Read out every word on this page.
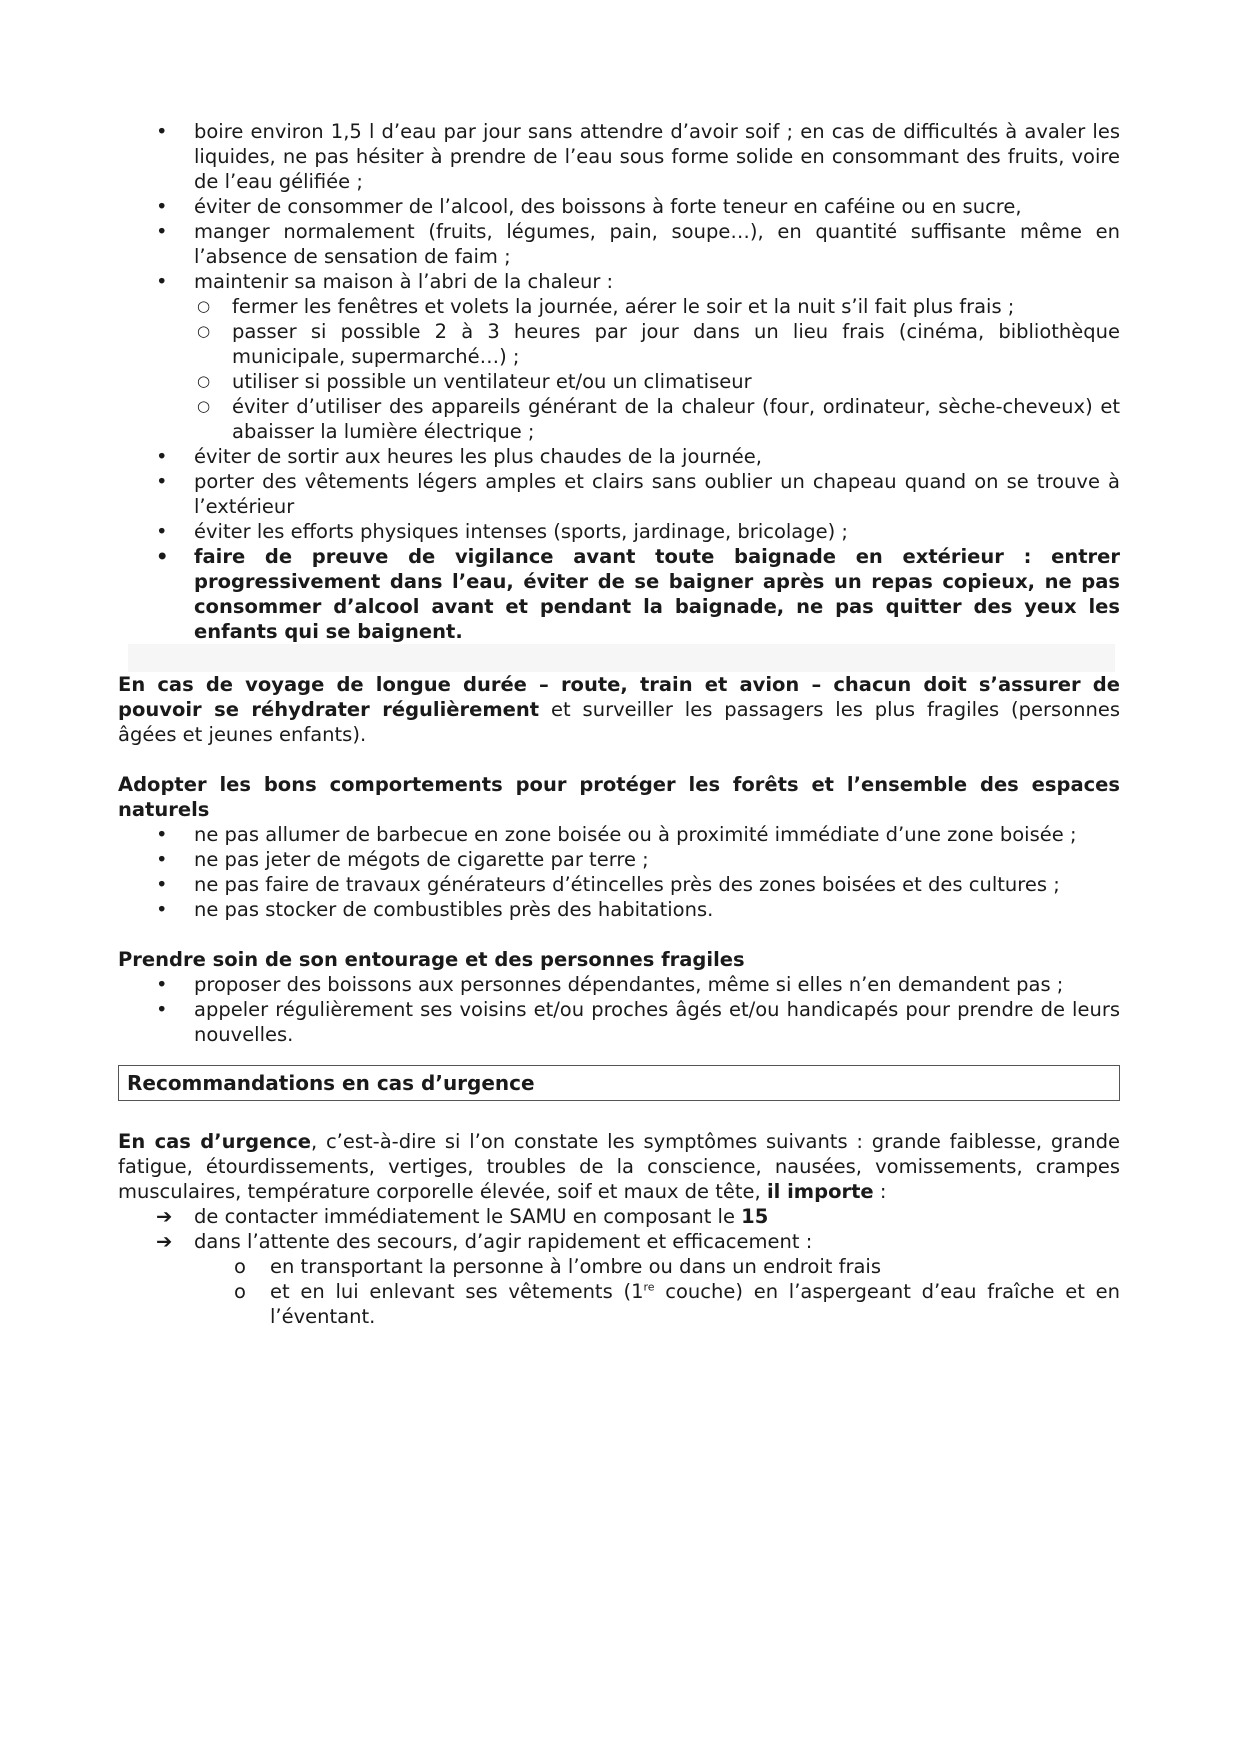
• boire environ 1,5 l d’eau par jour sans attendre d’avoir soif ; en cas de difficultés à avaler les liquides, ne pas hésiter à prendre de l’eau sous forme solide en consommant des fruits, voire de l’eau gélifiée ;
• éviter de consommer de l’alcool, des boissons à forte teneur en caféine ou en sucre,
• manger normalement (fruits, légumes, pain, soupe…), en quantité suffisante même en l’absence de sensation de faim ;
• maintenir sa maison à l’abri de la chaleur :
○ fermer les fenêtres et volets la journée, aérer le soir et la nuit s’il fait plus frais ;
○ passer si possible 2 à 3 heures par jour dans un lieu frais (cinéma, bibliothèque municipale, supermarché…) ;
○ utiliser si possible un ventilateur et/ou un climatiseur
○ éviter d’utiliser des appareils générant de la chaleur (four, ordinateur, sèche-cheveux) et abaisser la lumière électrique ;
• éviter de sortir aux heures les plus chaudes de la journée,
• porter des vêtements légers amples et clairs sans oublier un chapeau quand on se trouve à l’extérieur
• éviter les efforts physiques intenses (sports, jardinage, bricolage) ;
• faire de preuve de vigilance avant toute baignade en extérieur : entrer progressivement dans l’eau, éviter de se baigner après un repas copieux, ne pas consommer d’alcool avant et pendant la baignade, ne pas quitter des yeux les enfants qui se baignent.

En cas de voyage de longue durée – route, train et avion – chacun doit s’assurer de pouvoir se réhydrater régulièrement et surveiller les passagers les plus fragiles (personnes âgées et jeunes enfants).

Adopter les bons comportements pour protéger les forêts et l’ensemble des espaces naturels

• ne pas allumer de barbecue en zone boisée ou à proximité immédiate d’une zone boisée ;
• ne pas jeter de mégots de cigarette par terre ;
• ne pas faire de travaux générateurs d’étincelles près des zones boisées et des cultures ;
• ne pas stocker de combustibles près des habitations.

Prendre soin de son entourage et des personnes fragiles

• proposer des boissons aux personnes dépendantes, même si elles n’en demandent pas ;
• appeler régulièrement ses voisins et/ou proches âgés et/ou handicapés pour prendre de leurs nouvelles.
Recommandations en cas d’urgence

En cas d’urgence, c’est-à-dire si l’on constate les symptômes suivants : grande faiblesse, grande fatigue, étourdissements, vertiges, troubles de la conscience, nausées, vomissements, crampes musculaires, température corporelle élevée, soif et maux de tête, il importe :

➔ de contacter immédiatement le SAMU en composant le 15
➔ dans l’attente des secours, d’agir rapidement et efficacement :
o en transportant la personne à l’ombre ou dans un endroit frais
o et en lui enlevant ses vêtements (1re couche) en l’aspergeant d’eau fraîche et en l’éventant.
